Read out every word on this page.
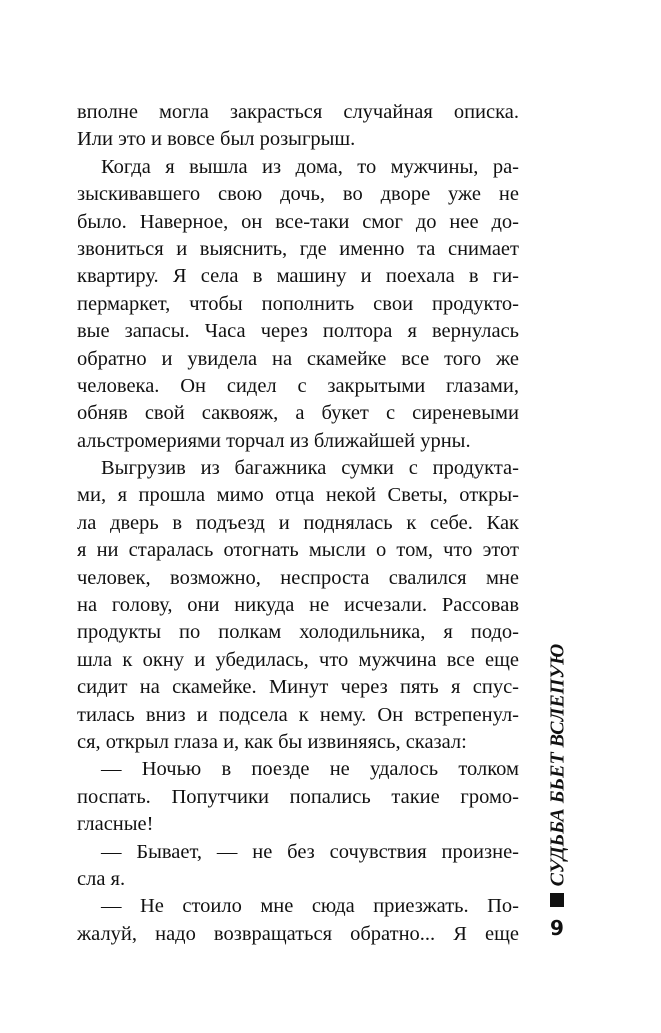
вполне могла закрасться случайная описка.
Или это и вовсе был розыгрыш.
Когда я вышла из дома, то мужчины, ра-
зыскивавшего свою дочь, во дворе уже не
было. Наверное, он все-таки смог до нее до-
звониться и выяснить, где именно та снимает
квартиру. Я села в машину и поехала в ги-
пермаркет, чтобы пополнить свои продукто-
вые запасы. Часа через полтора я вернулась
обратно и увидела на скамейке все того же
человека. Он сидел с закрытыми глазами,
обняв свой саквояж, а букет с сиреневыми
альстромериями торчал из ближайшей урны.
Выгрузив из багажника сумки с продукта-
ми, я прошла мимо отца некой Светы, откры-
ла дверь в подъезд и поднялась к себе. Как
я ни старалась отогнать мысли о том, что этот
человек, возможно, неспроста свалился мне
на голову, они никуда не исчезали. Рассовав
продукты по полкам холодильника, я подо-
шла к окну и убедилась, что мужчина все еще
сидит на скамейке. Минут через пять я спус-
тилась вниз и подсела к нему. Он встрепенул-
ся, открыл глаза и, как бы извиняясь, сказал:
— Ночью в поезде не удалось толком
поспать. Попутчики попались такие громо-
гласные!
— Бывает, — не без сочувствия произне-
сла я.
— Не стоило мне сюда приезжать. По-
жалуй, надо возвращаться обратно... Я еще
СУДЬБА БЬЕТ ВСЛЕПУЮ
9
